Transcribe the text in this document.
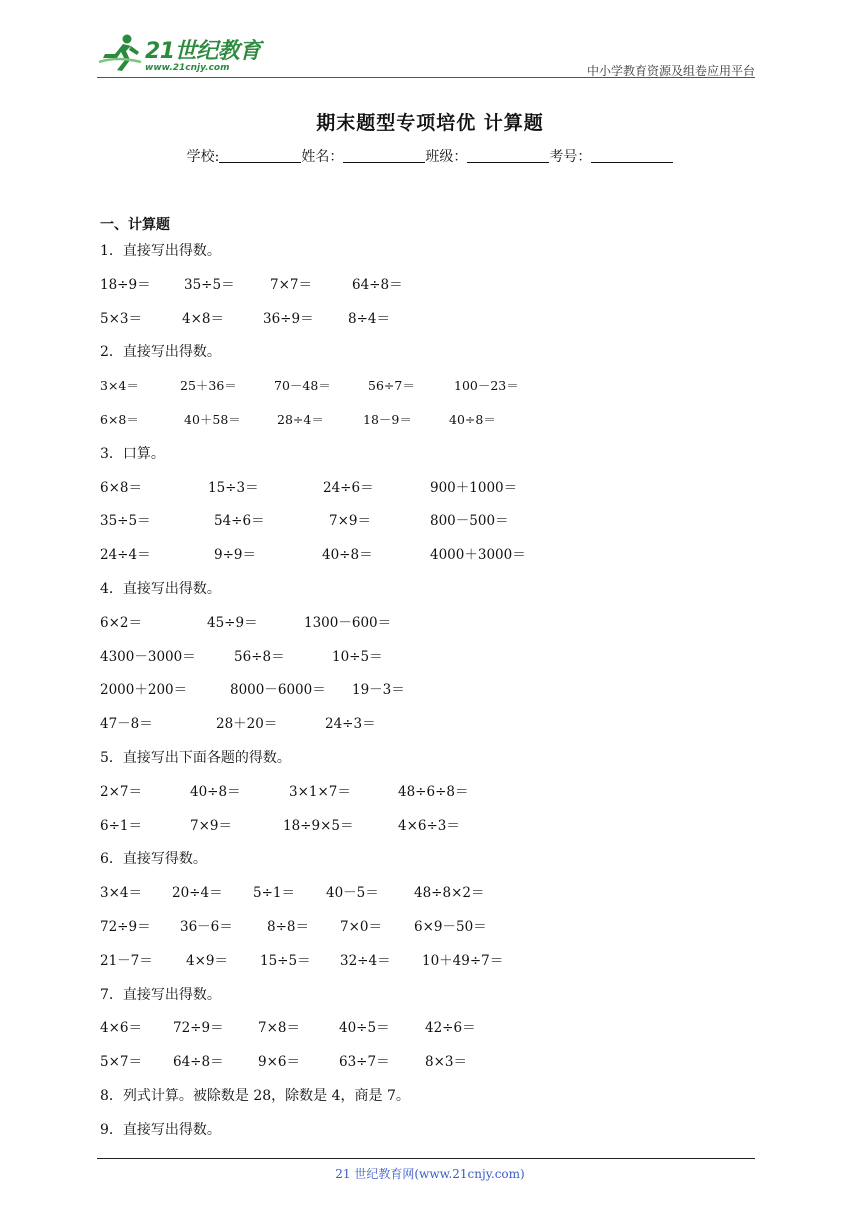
21世纪教育
www.21cnjy.com	中小学教育资源及组卷应用平台
期末题型专项培优 计算题
学校:	姓名：	班级：	考号：
一、计算题
1．直接写出得数。
18÷9＝ 35÷5＝	7×7＝	64÷8＝
5×3＝	4×8＝	36÷9＝	8÷4＝
2．直接写出得数。
3×4＝	25＋36＝	70－48＝	56÷7＝	100－23＝
6×8＝	40＋58＝	28÷4＝	18－9＝	40÷8＝
3．口算。
6×8＝	15÷3＝	24÷6＝	900＋1000＝
35÷5＝	54÷6＝	7×9＝	800－500＝
24÷4＝	9÷9＝	40÷8＝	4000＋3000＝
4．直接写出得数。
6×2＝	45÷9＝	1300－600＝
4300－3000＝	56÷8＝	10÷5＝
2000＋200＝	8000－6000＝ 19－3＝
47－8＝	28＋20＝	24÷3＝
5．直接写出下面各题的得数。
2×7＝	40÷8＝	3×1×7＝	48÷6÷8＝
6÷1＝	7×9＝	18÷9×5＝	4×6÷3＝
6．直接写得数。
3×4＝ 20÷4＝ 5÷1＝ 40－5＝	48÷8×2＝
72÷9＝ 36－6＝	8÷8＝ 7×0＝ 6×9－50＝
21－7＝ 4×9＝ 15÷5＝ 32÷4＝ 10＋49÷7＝
7．直接写出得数。
4×6＝ 72÷9＝	7×8＝	40÷5＝	42÷6＝
5×7＝ 64÷8＝	9×6＝	63÷7＝	8×3＝
8．列式计算。被除数是 28，除数是 4，商是 7。
9．直接写出得数。
21 世纪教育网(www.21cnjy.com)
